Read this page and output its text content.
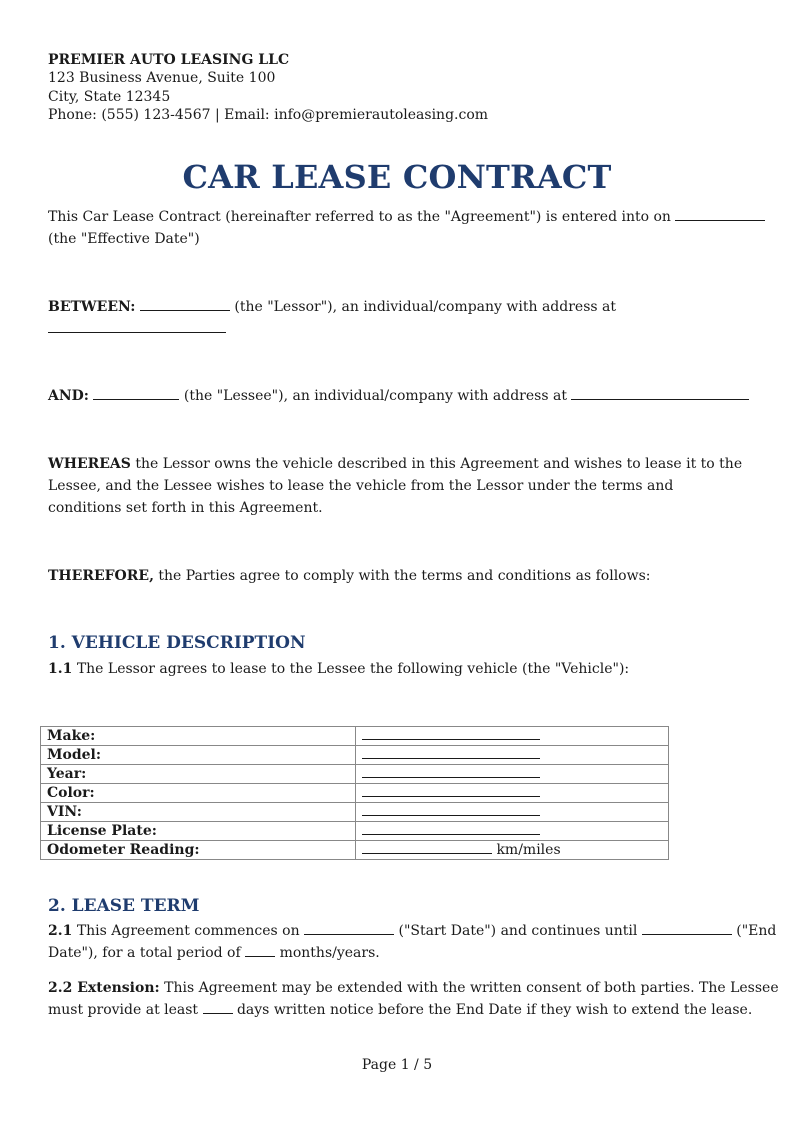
PREMIER AUTO LEASING LLC
123 Business Avenue, Suite 100
City, State 12345
Phone: (555) 123-4567 | Email: info@premierautoleasing.com
CAR LEASE CONTRACT
This Car Lease Contract (hereinafter referred to as the "Agreement") is entered into on
(the "Effective Date")
BETWEEN:	(the "Lessor"), an individual/company with address at
AND:	(the "Lessee"), an individual/company with address at
WHEREAS the Lessor owns the vehicle described in this Agreement and wishes to lease it to the Lessee, and the Lessee wishes to lease the vehicle from the Lessor under the terms and conditions set forth in this Agreement.
THEREFORE, the Parties agree to comply with the terms and conditions as follows:
1. VEHICLE DESCRIPTION
1.1 The Lessor agrees to lease to the Lessee the following vehicle (the "Vehicle"):
Make:	
Model:	
Year:	
Color:	
VIN:	
License Plate:	
Odometer Reading:	km/miles
2. LEASE TERM
2.1 This Agreement commences on	("Start Date") and continues until	("End
Date"), for a total period of	months/years.
2.2 Extension: This Agreement may be extended with the written consent of both parties. The Lessee
must provide at least	days written notice before the End Date if they wish to extend the lease.
Page 1 / 5
